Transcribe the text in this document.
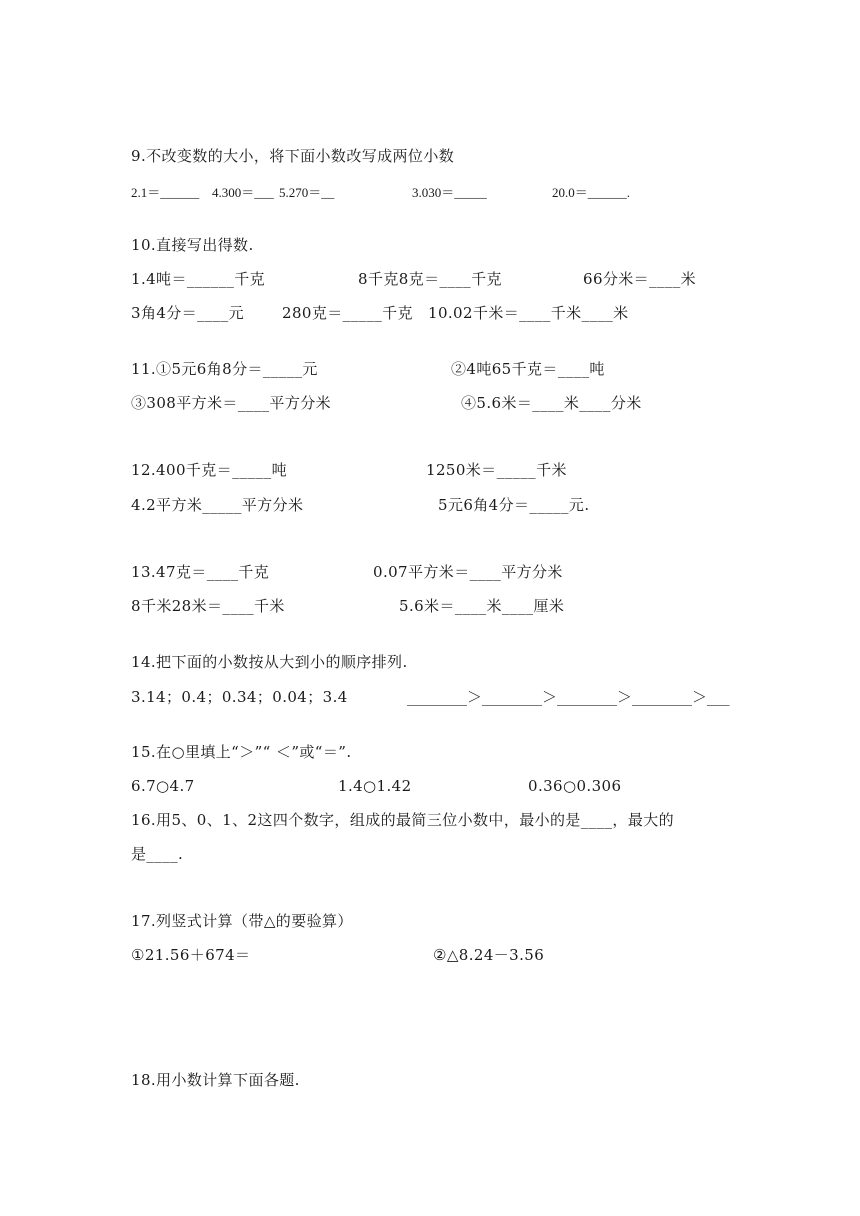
9.不改变数的大小，将下面小数改写成两位小数
2.1＝______ 4.300＝___ 5.270＝__	3.030＝_____	20.0＝______.
10.直接写出得数.
1.4吨＝______千克	8千克8克＝____千克	66分米＝____米
3角4分＝____元	280克＝_____千克 10.02千米＝____千米____米
11.①5元6角8分＝_____元	②4吨65千克＝____吨
③308平方米＝____平方分米	④5.6米＝____米____分米
12.400千克＝_____吨	1250米＝_____千米
4.2平方米_____平方分米	5元6角4分＝_____元.
13.47克＝____千克	0.07平方米＝____平方分米
8千米28米＝____千米	5.6米＝____米____厘米
14.把下面的小数按从大到小的顺序排列.
3.14；0.4；0.34；0.04；3.4	________＞________＞________＞________＞___
15.在○里填上“＞”“ ＜”或“＝”.
6.7○4.7	1.4○1.42	0.36○0.306
16.用5、0、1、2这四个数字，组成的最简三位小数中，最小的是____，最大的
是____.
17.列竖式计算（带△的要验算）
①21.56＋674＝	②△8.24－3.56
18.用小数计算下面各题.
